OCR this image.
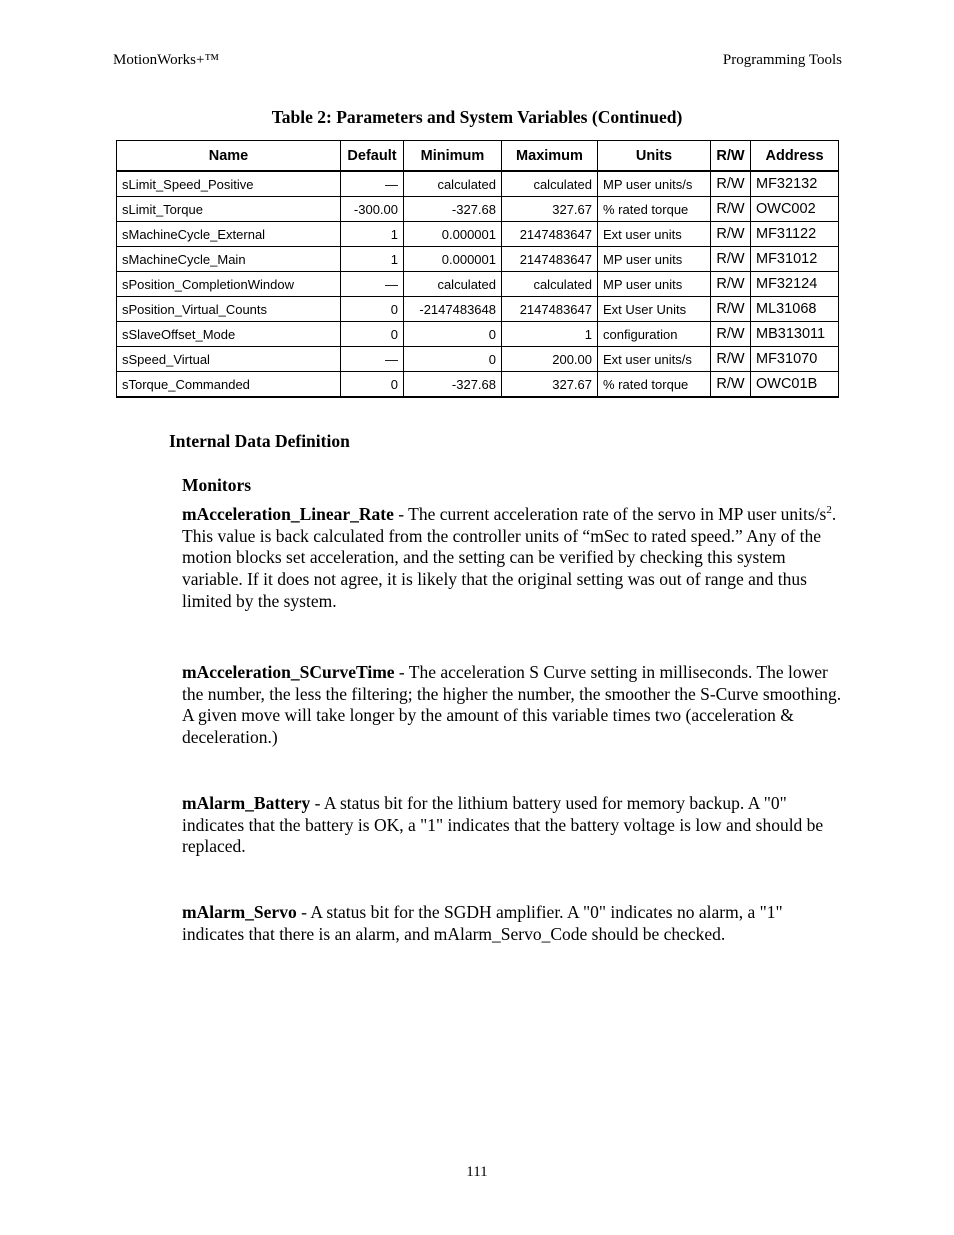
MotionWorks+™	Programming Tools
Table 2: Parameters and System Variables (Continued)
Name	Default	Minimum	Maximum	Units	R/W	Address
sLimit_Speed_Positive	—	calculated	calculated	MP user units/s	R/W	MF32132
sLimit_Torque	-300.00	-327.68	327.67	% rated torque	R/W	OWC002
sMachineCycle_External	1	0.000001	2147483647	Ext user units	R/W	MF31122
sMachineCycle_Main	1	0.000001	2147483647	MP user units	R/W	MF31012
sPosition_CompletionWindow	—	calculated	calculated	MP user units	R/W	MF32124
sPosition_Virtual_Counts	0	-2147483648	2147483647	Ext User Units	R/W	ML31068
sSlaveOffset_Mode	0	0	1	configuration	R/W	MB313011
sSpeed_Virtual	—	0	200.00	Ext user units/s	R/W	MF31070
sTorque_Commanded	0	-327.68	327.67	% rated torque	R/W	OWC01B
Internal Data Definition
Monitors
mAcceleration_Linear_Rate - The current acceleration rate of the servo in MP user units/$s^2$. This value is back calculated from the controller units of “mSec to rated speed.” Any of the motion blocks set acceleration, and the setting can be verified by checking this system variable. If it does not agree, it is likely that the original setting was out of range and thus limited by the system.
mAcceleration_SCurveTime - The acceleration S Curve setting in milliseconds. The lower the number, the less the filtering; the higher the number, the smoother the S-Curve smoothing. A given move will take longer by the amount of this variable times two (acceleration & deceleration.)
mAlarm_Battery - A status bit for the lithium battery used for memory backup. A "0" indicates that the battery is OK, a "1" indicates that the battery voltage is low and should be replaced.
mAlarm_Servo - A status bit for the SGDH amplifier. A "0" indicates no alarm, a "1" indicates that there is an alarm, and mAlarm_Servo_Code should be checked.
111
